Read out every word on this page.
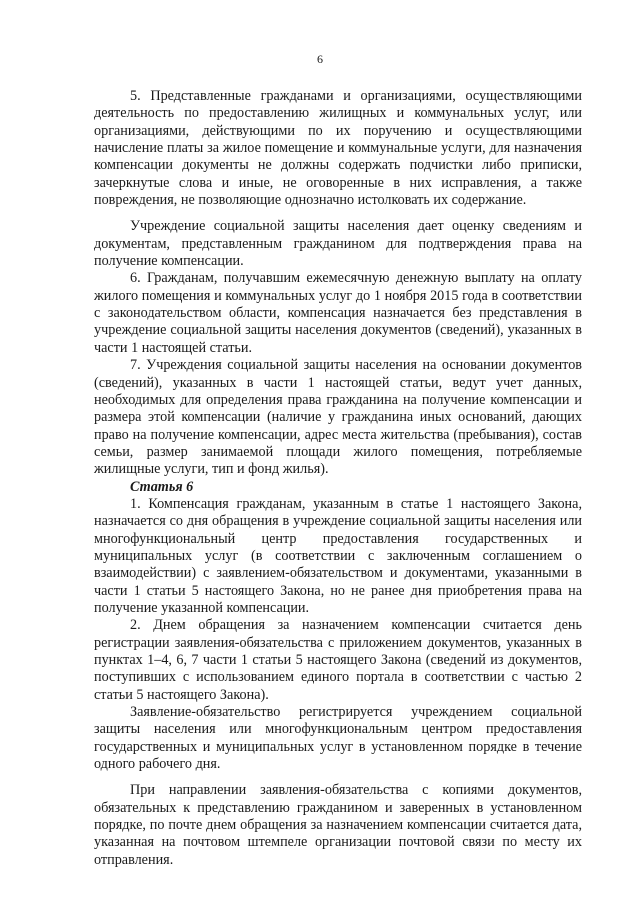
6

5. Представленные гражданами и организациями, осуществляющими деятельность по предоставлению жилищных и коммунальных услуг, или организациями, действующими по их поручению и осуществляющими начисление платы за жилое помещение и коммунальные услуги, для назначения компенсации документы не должны содержать подчистки либо приписки, зачеркнутые слова и иные, не оговоренные в них исправления, а также повреждения, не позволяющие однозначно истолковать их содержание.

Учреждение социальной защиты населения дает оценку сведениям и документам, представленным гражданином для подтверждения права на получение компенсации.

6. Гражданам, получавшим ежемесячную денежную выплату на оплату жилого помещения и коммунальных услуг до 1 ноября 2015 года в соответствии с законодательством области, компенсация назначается без представления в учреждение социальной защиты населения документов (сведений), указанных в части 1 настоящей статьи.

7. Учреждения социальной защиты населения на основании документов (сведений), указанных в части 1 настоящей статьи, ведут учет данных, необходимых для определения права гражданина на получение компенсации и размера этой компенсации (наличие у гражданина иных оснований, дающих право на получение компенсации, адрес места жительства (пребывания), состав семьи, размер занимаемой площади жилого помещения, потребляемые жилищные услуги, тип и фонд жилья).

Статья 6

1. Компенсация гражданам, указанным в статье 1 настоящего Закона, назначается со дня обращения в учреждение социальной защиты населения или многофункциональный центр предоставления государственных и муниципальных услуг (в соответствии с заключенным соглашением о взаимодействии) с заявлением-обязательством и документами, указанными в части 1 статьи 5 настоящего Закона, но не ранее дня приобретения права на получение указанной компенсации.

2. Днем обращения за назначением компенсации считается день регистрации заявления-обязательства с приложением документов, указанных в пунктах 1–4, 6, 7 части 1 статьи 5 настоящего Закона (сведений из документов, поступивших с использованием единого портала в соответствии с частью 2 статьи 5 настоящего Закона).

Заявление-обязательство регистрируется учреждением социальной защиты населения или многофункциональным центром предоставления государственных и муниципальных услуг в установленном порядке в течение одного рабочего дня.

При направлении заявления-обязательства с копиями документов, обязательных к представлению гражданином и заверенных в установленном порядке, по почте днем обращения за назначением компенсации считается дата, указанная на почтовом штемпеле организации почтовой связи по месту их отправления.
